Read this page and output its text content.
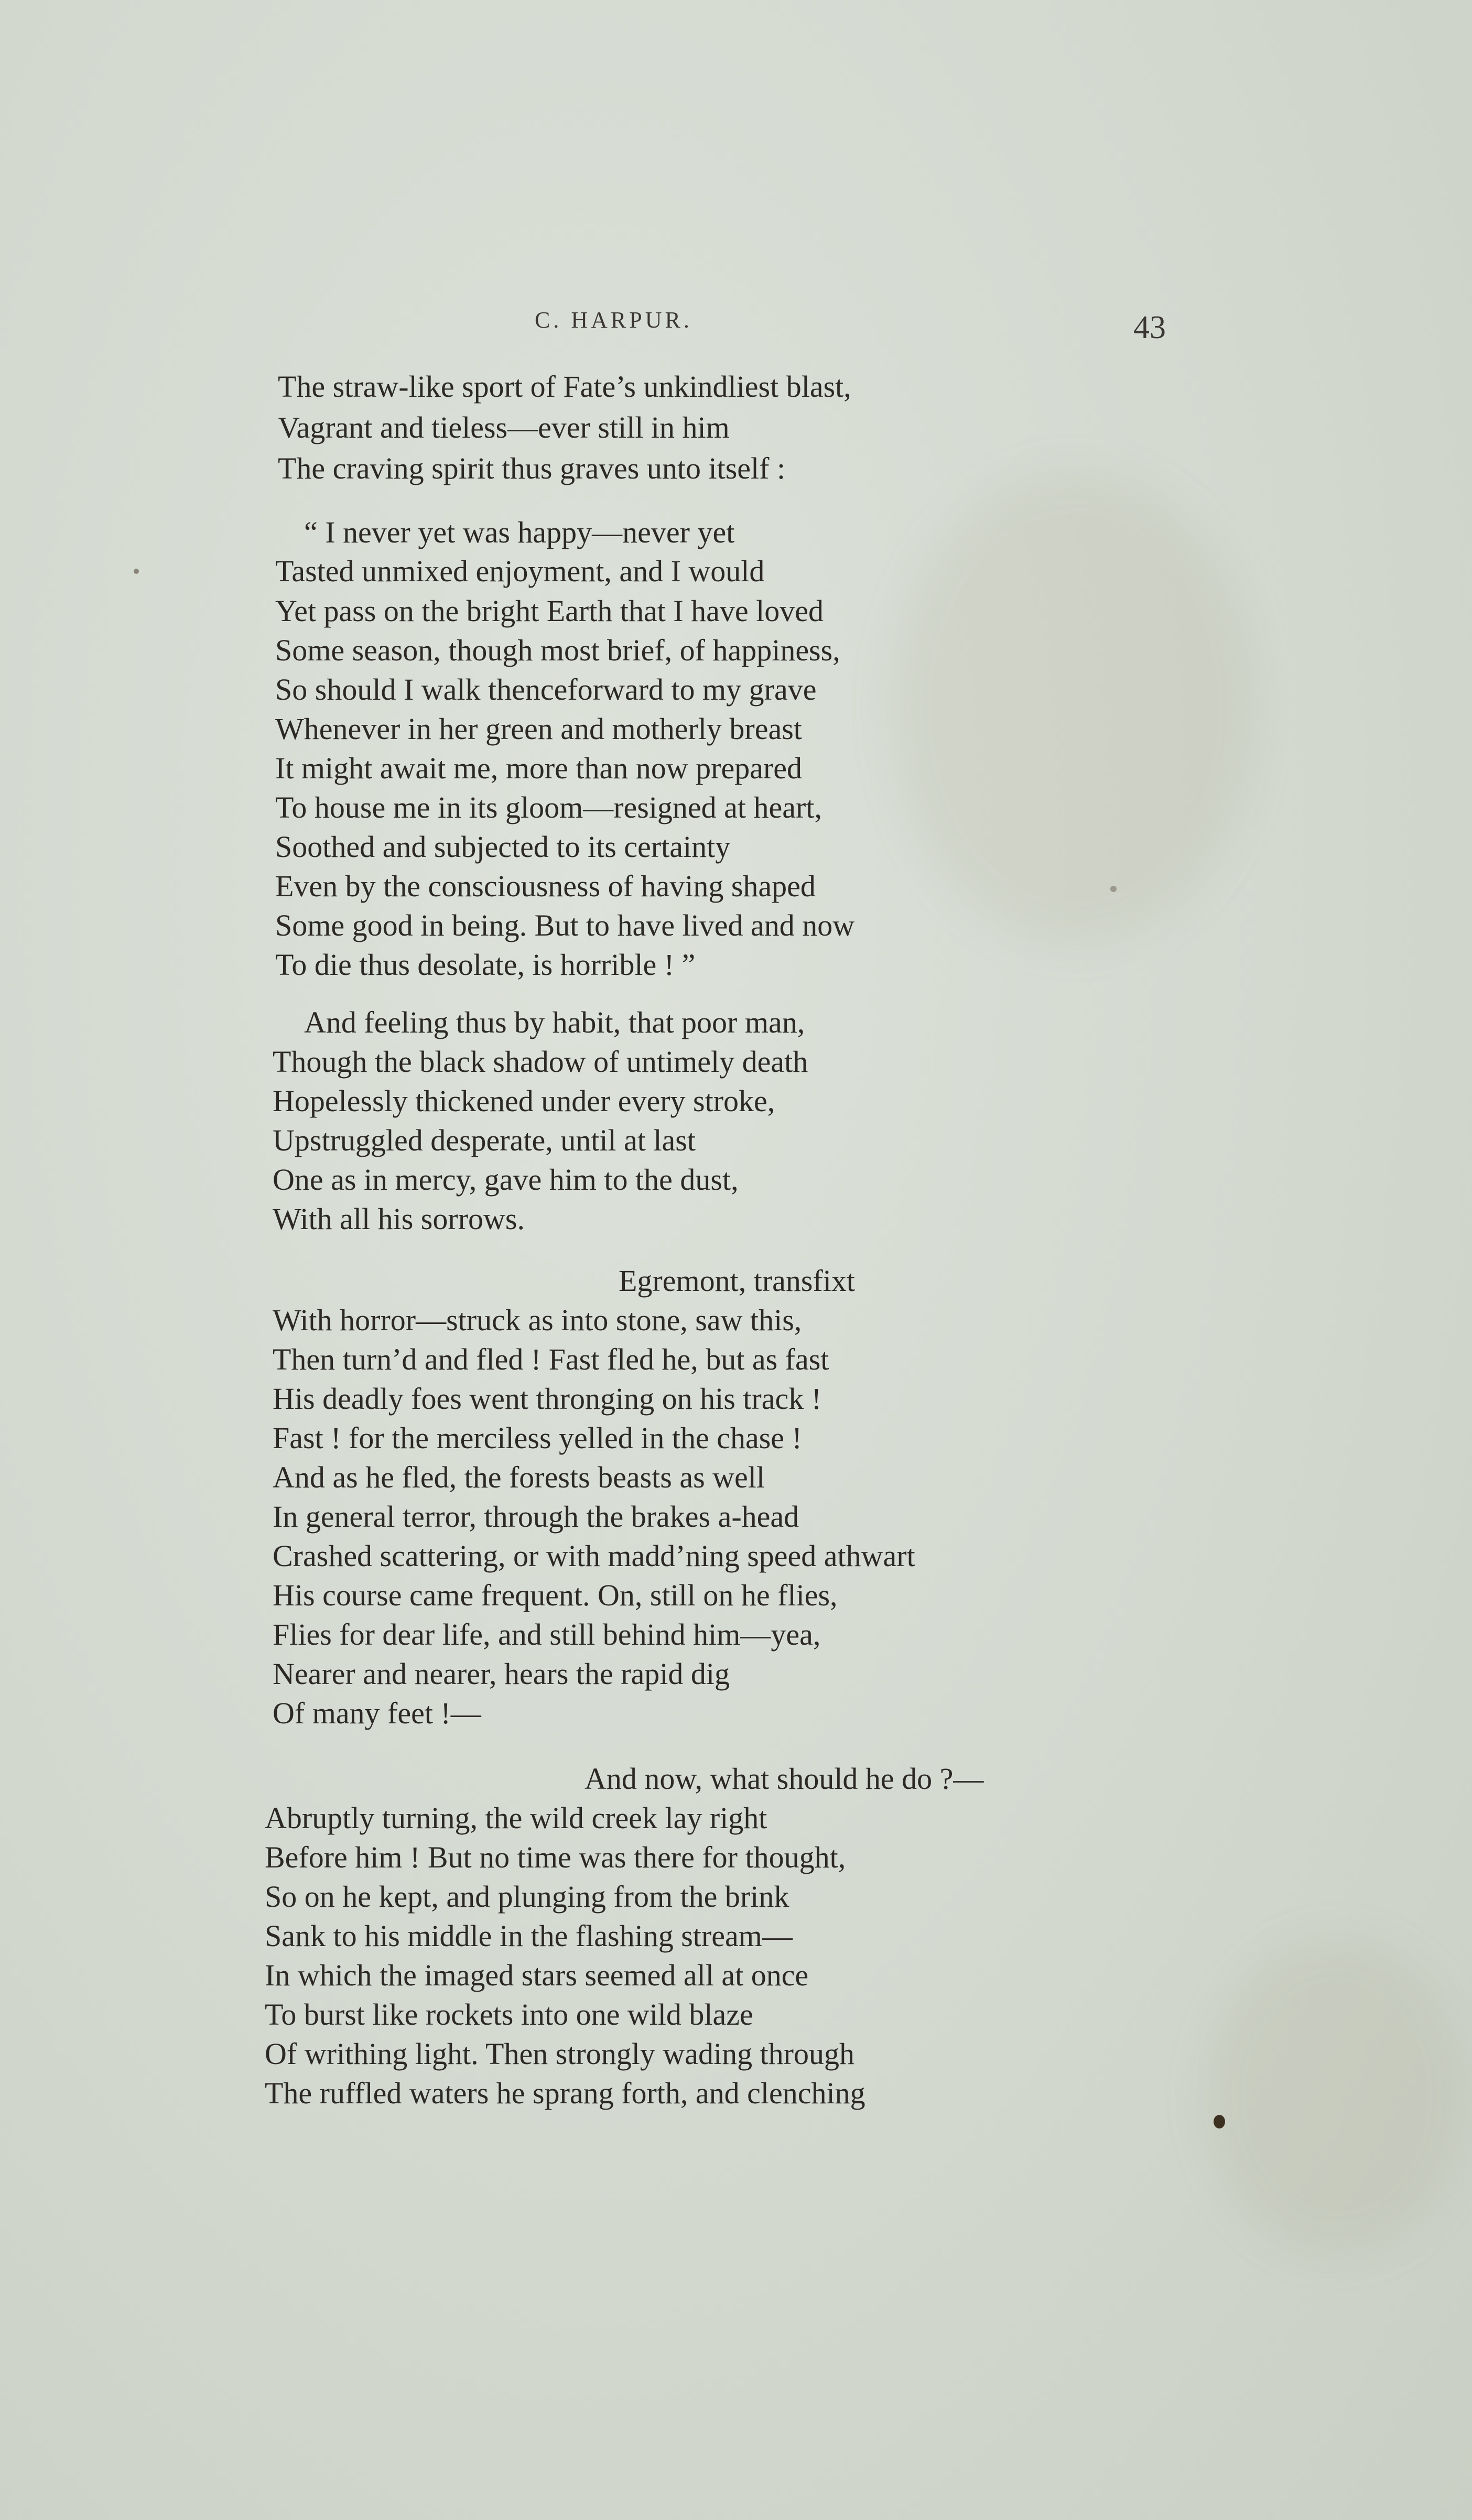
C. HARPUR.	43
The straw-like sport of Fate’s unkindliest blast,
Vagrant and tieless—ever still in him
The craving spirit thus graves unto itself :
“ I never yet was happy—never yet
Tasted unmixed enjoyment, and I would
Yet pass on the bright Earth that I have loved
Some season, though most brief, of happiness,
So should I walk thenceforward to my grave
Whenever in her green and motherly breast
It might await me, more than now prepared
To house me in its gloom—resigned at heart,
Soothed and subjected to its certainty
Even by the consciousness of having shaped
Some good in being. But to have lived and now
To die thus desolate, is horrible ! ”
And feeling thus by habit, that poor man,
Though the black shadow of untimely death
Hopelessly thickened under every stroke,
Upstruggled desperate, until at last
One as in mercy, gave him to the dust,
With all his sorrows.
Egremont, transfixt
With horror—struck as into stone, saw this,
Then turn’d and fled ! Fast fled he, but as fast
His deadly foes went thronging on his track !
Fast ! for the merciless yelled in the chase !
And as he fled, the forests beasts as well
In general terror, through the brakes a-head
Crashed scattering, or with madd’ning speed athwart
His course came frequent. On, still on he flies,
Flies for dear life, and still behind him—yea,
Nearer and nearer, hears the rapid dig
Of many feet !—
And now, what should he do ?—
Abruptly turning, the wild creek lay right
Before him ! But no time was there for thought,
So on he kept, and plunging from the brink
Sank to his middle in the flashing stream—
In which the imaged stars seemed all at once
To burst like rockets into one wild blaze
Of writhing light. Then strongly wading through
The ruffled waters he sprang forth, and clenching
